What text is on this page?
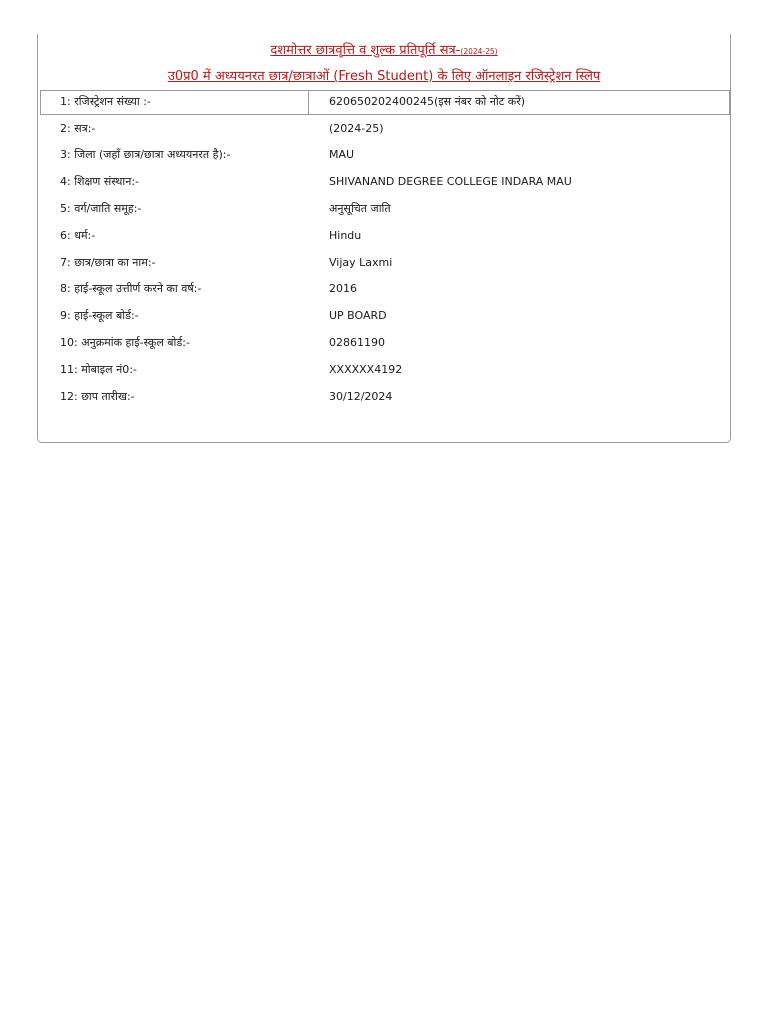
दशमोत्तर छात्रवृत्ति व शुल्क प्रतिपूर्ति सत्र-(2024-25)
उ0प्र0 में अध्ययनरत छात्र/छात्राओं (Fresh Student) के लिए ऑनलाइन रजिस्ट्रेशन स्लिप
1: रजिस्ट्रेशन संख्या :-	620650202400245(इस नंबर को नोट करें)
2: सत्र:-	(2024-25)
3: जिला (जहाँ छात्र/छात्रा अध्ययनरत है):-	MAU
4: शिक्षण संस्थान:-	SHIVANAND DEGREE COLLEGE INDARA MAU
5: वर्ग/जाति समूह:-	अनुसूचित जाति
6: धर्म:-	Hindu
7: छात्र/छात्रा का नाम:-	Vijay Laxmi
8: हाई-स्कूल उत्तीर्ण करने का वर्ष:-	2016
9: हाई-स्कूल बोर्ड:-	UP BOARD
10: अनुक्रमांक हाई-स्कूल बोर्ड:-	02861190
11: मोबाइल नं0:-	XXXXXX4192
12: छाप तारीख:-	30/12/2024
